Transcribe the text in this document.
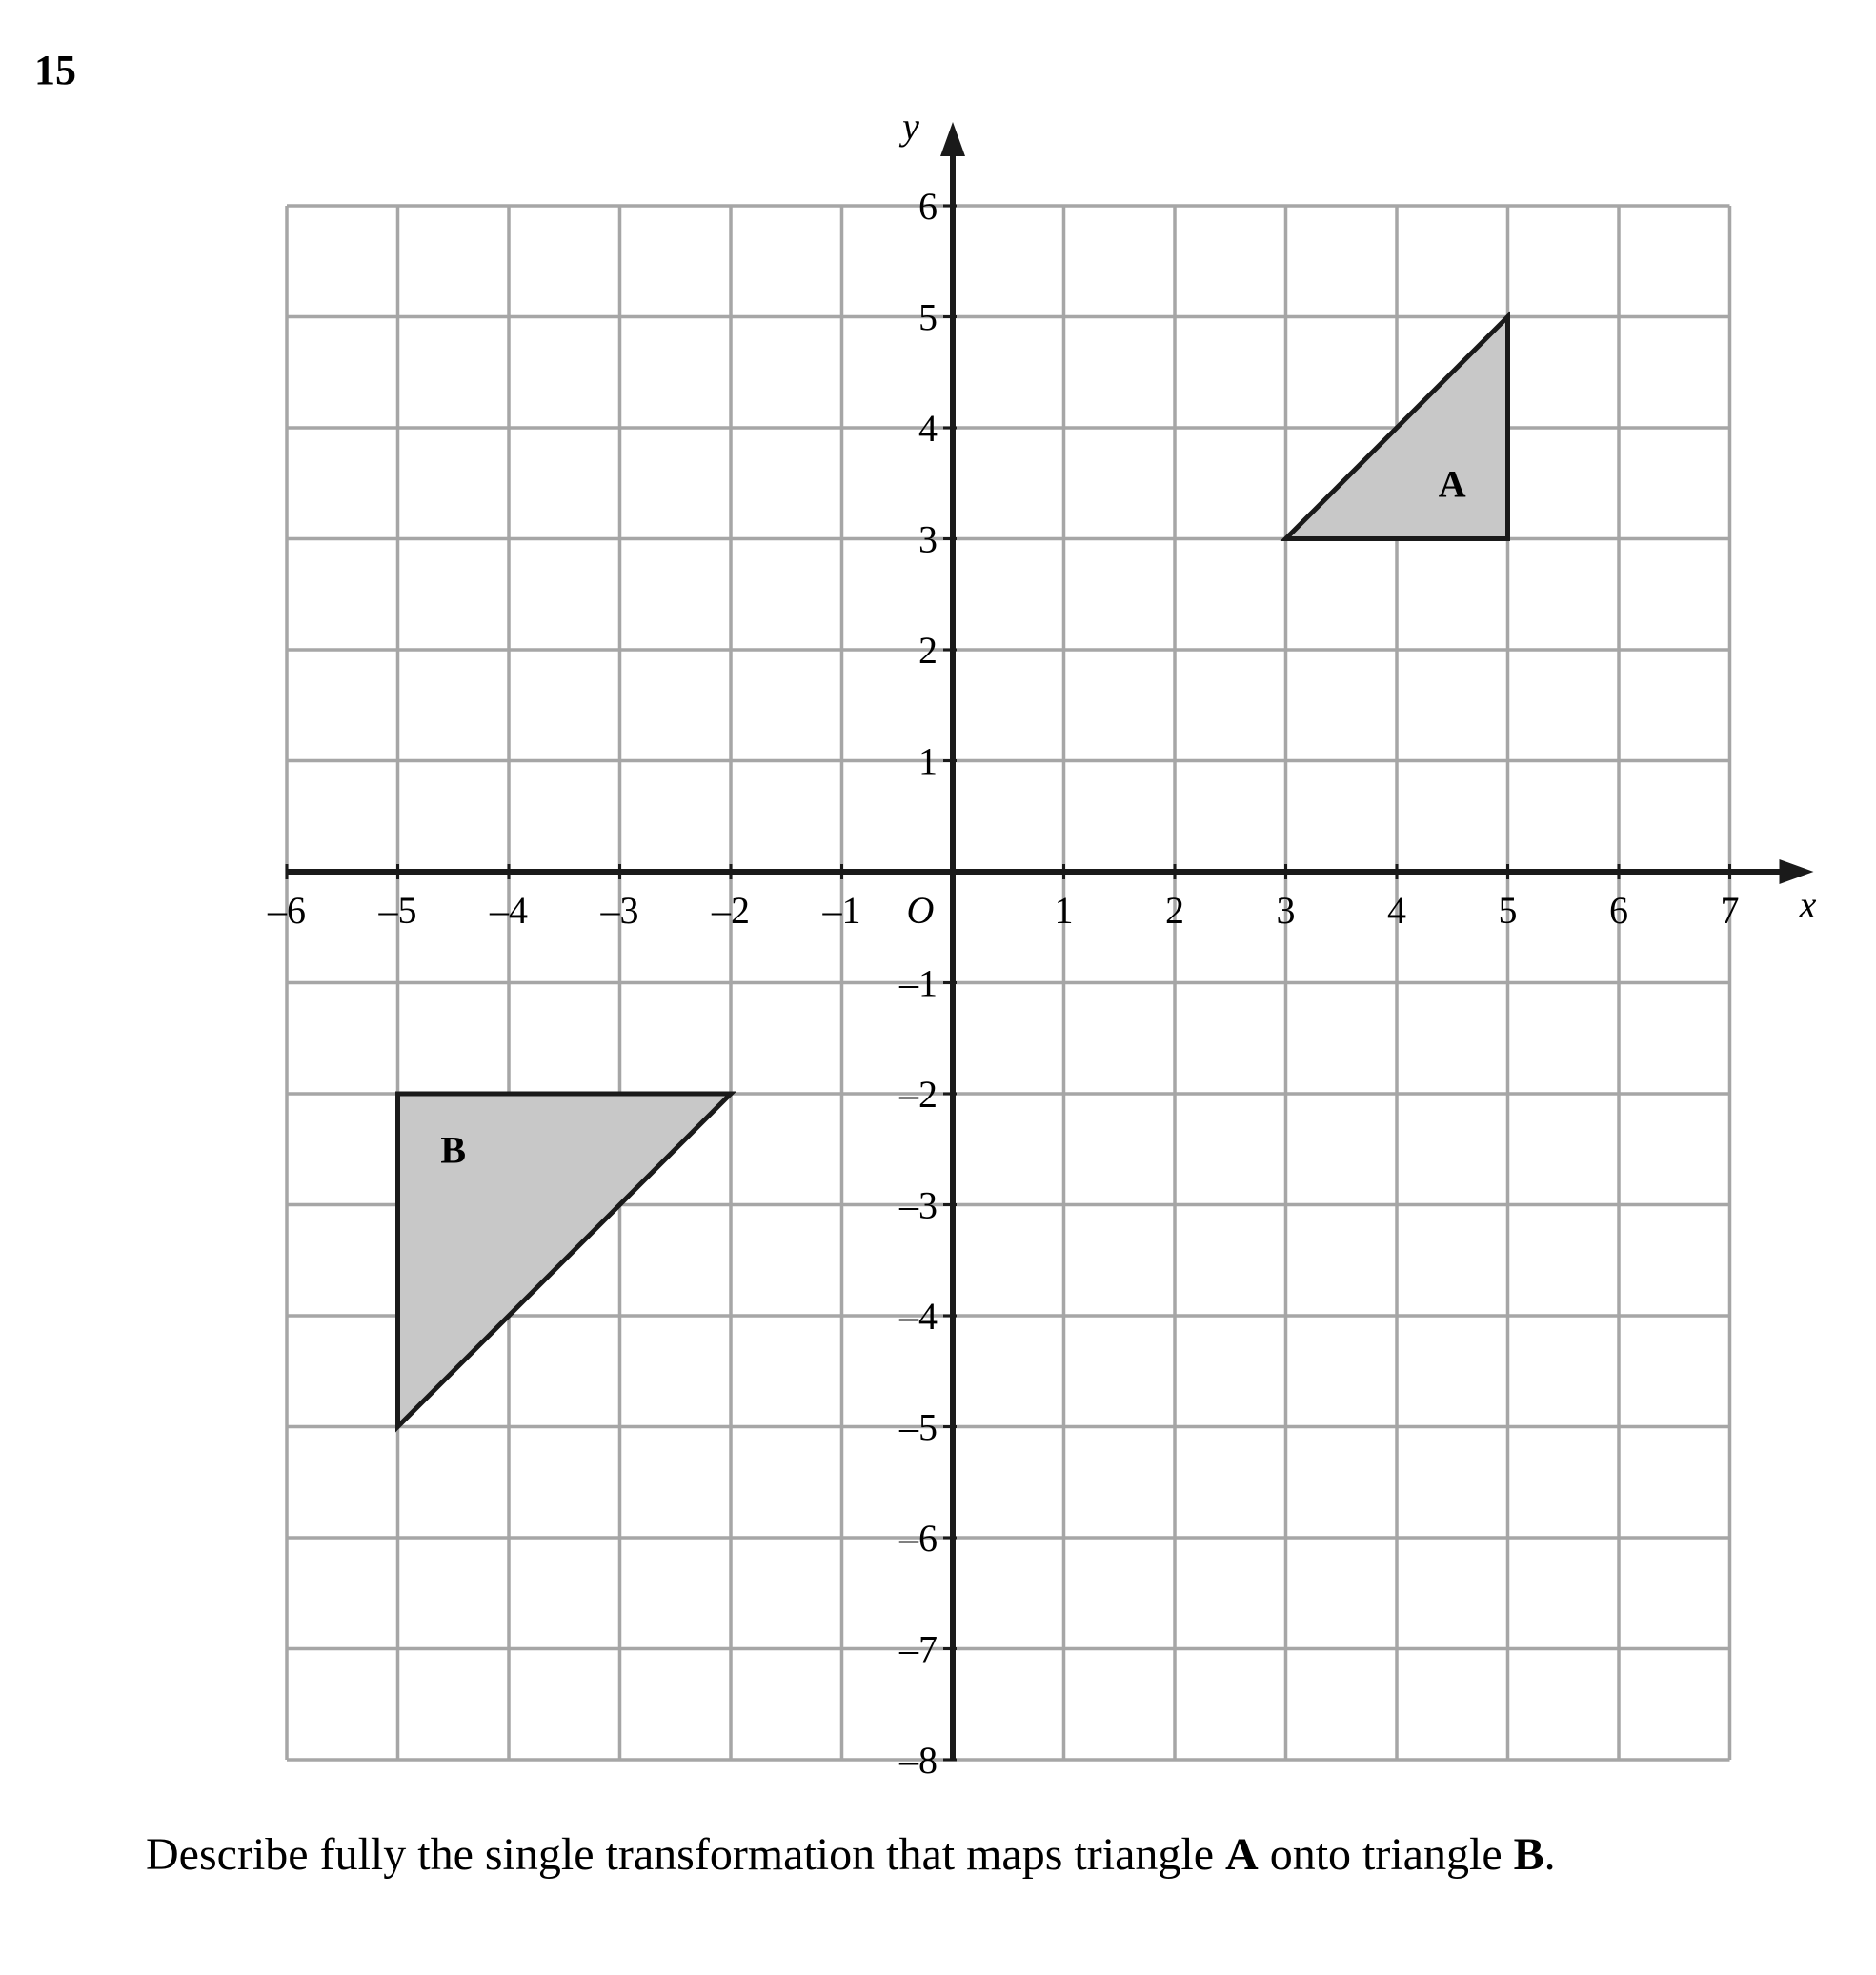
15
A
B
–6 –5 –4 –3 –2 –1	1 2 3 4 5 6 7
–8
–7
–6
–5
–4
–3
–2
–1
1
2
3
4
5
6
x
y
O
Describe fully the single transformation that maps triangle A onto triangle B.
